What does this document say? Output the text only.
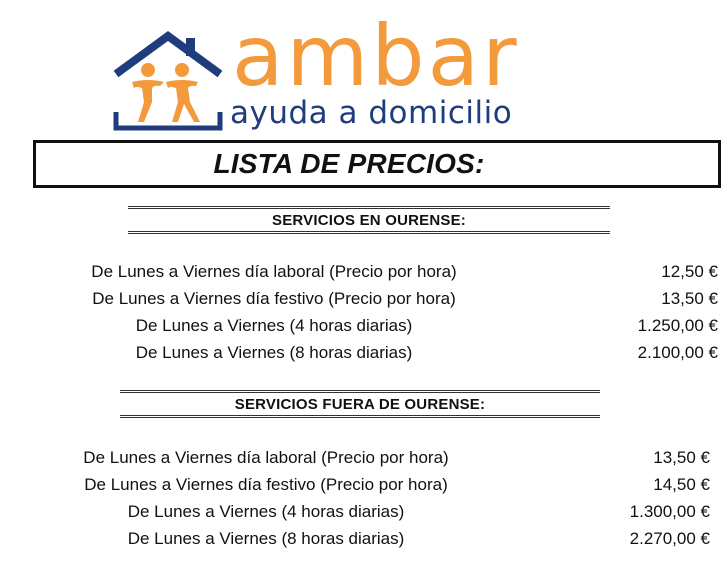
ambar
ayuda a domicilio
LISTA DE PRECIOS:
SERVICIOS EN OURENSE:
De Lunes a Viernes día laboral (Precio por hora)	12,50 €
De Lunes a Viernes día festivo (Precio por hora)	13,50 €
De Lunes a Viernes (4 horas diarias)	1.250,00 €
De Lunes a Viernes (8 horas diarias)	2.100,00 €
SERVICIOS FUERA DE OURENSE:
De Lunes a Viernes día laboral (Precio por hora)	13,50 €
De Lunes a Viernes día festivo (Precio por hora)	14,50 €
De Lunes a Viernes (4 horas diarias)	1.300,00 €
De Lunes a Viernes (8 horas diarias)	2.270,00 €
